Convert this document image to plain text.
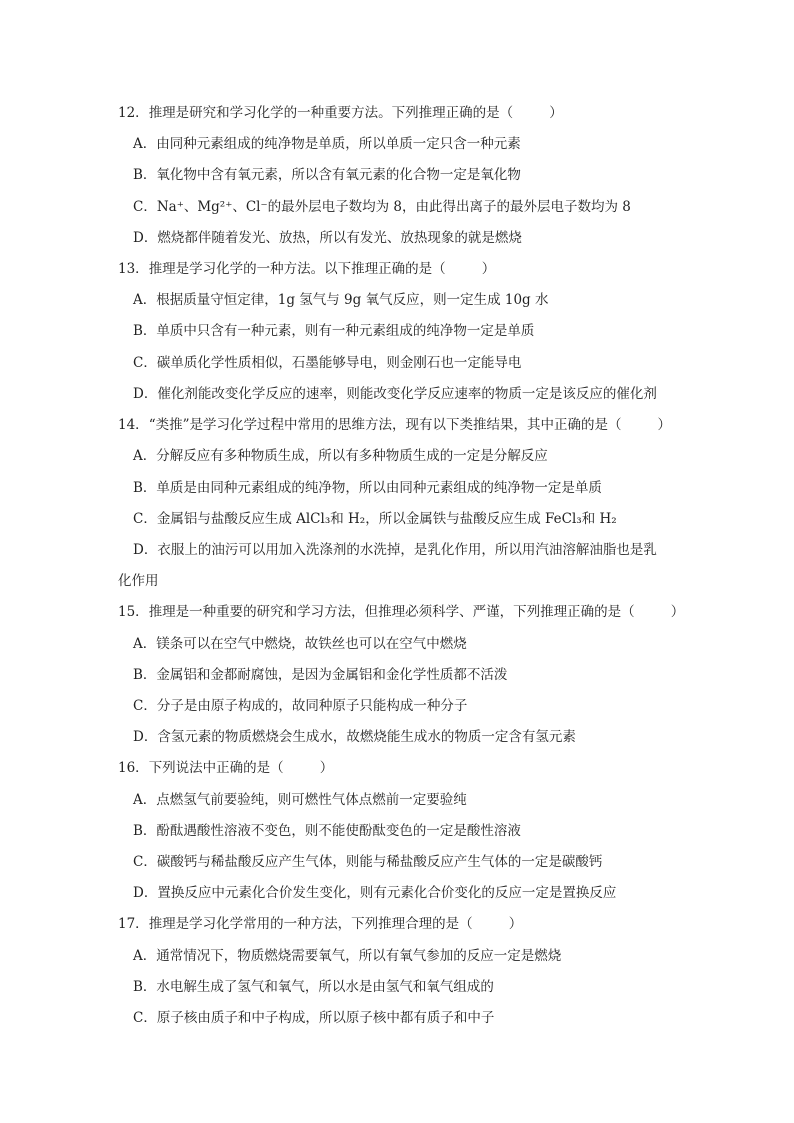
12．推理是研究和学习化学的一种重要方法。下列推理正确的是（	）
A．由同种元素组成的纯净物是单质，所以单质一定只含一种元素
B．氧化物中含有氧元素，所以含有氧元素的化合物一定是氧化物
C．Na⁺、Mg²⁺、Cl⁻的最外层电子数均为 8，由此得出离子的最外层电子数均为 8
D．燃烧都伴随着发光、放热，所以有发光、放热现象的就是燃烧
13．推理是学习化学的一种方法。以下推理正确的是（	）
A．根据质量守恒定律，1g 氢气与 9g 氧气反应，则一定生成 10g 水
B．单质中只含有一种元素，则有一种元素组成的纯净物一定是单质
C．碳单质化学性质相似，石墨能够导电，则金刚石也一定能导电
D．催化剂能改变化学反应的速率，则能改变化学反应速率的物质一定是该反应的催化剂
14．“类推”是学习化学过程中常用的思维方法，现有以下类推结果，其中正确的是（	）
A．分解反应有多种物质生成，所以有多种物质生成的一定是分解反应
B．单质是由同种元素组成的纯净物，所以由同种元素组成的纯净物一定是单质
C．金属铝与盐酸反应生成 AlCl₃和 H₂，所以金属铁与盐酸反应生成 FeCl₃和 H₂
D．衣服上的油污可以用加入洗涤剂的水洗掉，是乳化作用，所以用汽油溶解油脂也是乳
化作用
15．推理是一种重要的研究和学习方法，但推理必须科学、严谨，下列推理正确的是（	）
A．镁条可以在空气中燃烧，故铁丝也可以在空气中燃烧
B．金属铝和金都耐腐蚀，是因为金属铝和金化学性质都不活泼
C．分子是由原子构成的，故同种原子只能构成一种分子
D．含氢元素的物质燃烧会生成水，故燃烧能生成水的物质一定含有氢元素
16．下列说法中正确的是（	）
A．点燃氢气前要验纯，则可燃性气体点燃前一定要验纯
B．酚酞遇酸性溶液不变色，则不能使酚酞变色的一定是酸性溶液
C．碳酸钙与稀盐酸反应产生气体，则能与稀盐酸反应产生气体的一定是碳酸钙
D．置换反应中元素化合价发生变化，则有元素化合价变化的反应一定是置换反应
17．推理是学习化学常用的一种方法，下列推理合理的是（	）
A．通常情况下，物质燃烧需要氧气，所以有氧气参加的反应一定是燃烧
B．水电解生成了氢气和氧气，所以水是由氢气和氧气组成的
C．原子核由质子和中子构成，所以原子核中都有质子和中子
